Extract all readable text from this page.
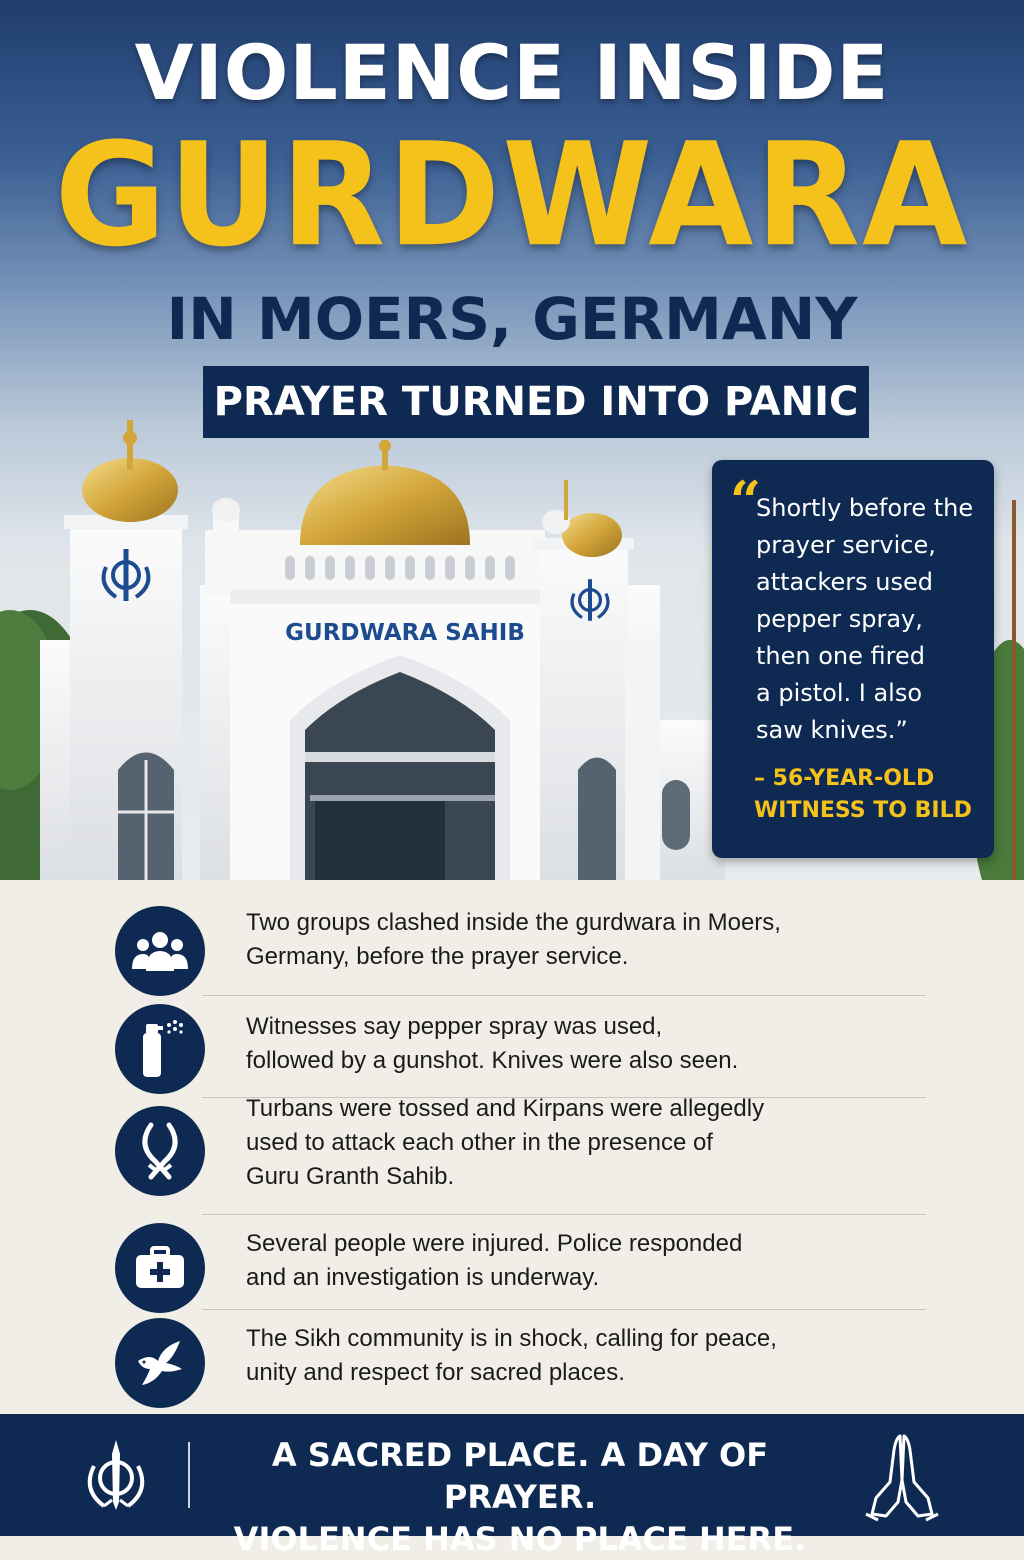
GURDWARA SAHIB
VIOLENCE INSIDE
GURDWARA
IN MOERS, GERMANY
PRAYER TURNED INTO PANIC
“
Shortly before the
prayer service,
attackers used
pepper spray,
then one fired
a pistol. I also
saw knives.”
– 56-YEAR-OLD
WITNESS TO BILD
Two groups clashed inside the gurdwara in Moers,
Germany, before the prayer service.
Witnesses say pepper spray was used,
followed by a gunshot. Knives were also seen.
Turbans were tossed and Kirpans were allegedly
used to attack each other in the presence of
Guru Granth Sahib.
Several people were injured. Police responded
and an investigation is underway.
The Sikh community is in shock, calling for peace,
unity and respect for sacred places.
A SACRED PLACE. A DAY OF PRAYER.
VIOLENCE HAS NO PLACE HERE.
